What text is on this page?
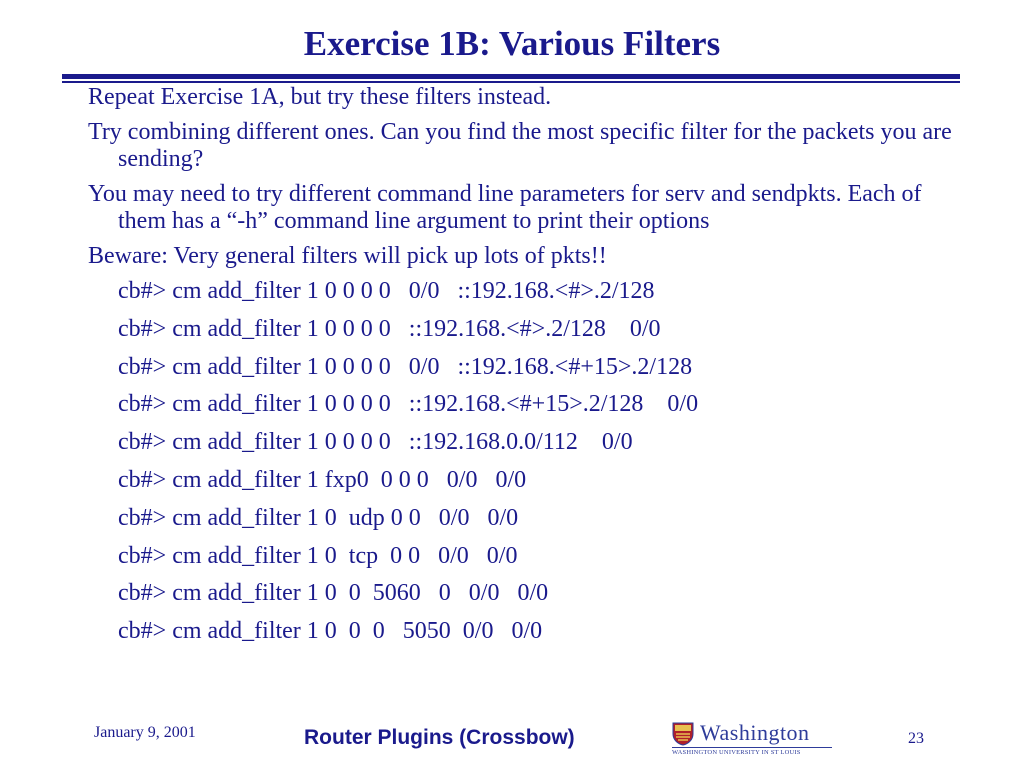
Exercise 1B: Various Filters
Repeat Exercise 1A, but try these filters instead.
Try combining different ones. Can you find the most specific filter for the packets you are sending?
You may need to try different command line parameters for serv and sendpkts. Each of them has a “-h” command line argument to print their options
Beware: Very general filters will pick up lots of pkts!!
cb#> cm add_filter 1 0 0 0 0   0/0   ::192.168.<#>.2/128
cb#> cm add_filter 1 0 0 0 0   ::192.168.<#>.2/128    0/0
cb#> cm add_filter 1 0 0 0 0   0/0   ::192.168.<#+15>.2/128
cb#> cm add_filter 1 0 0 0 0   ::192.168.<#+15>.2/128    0/0
cb#> cm add_filter 1 0 0 0 0   ::192.168.0.0/112    0/0
cb#> cm add_filter 1 fxp0  0 0 0   0/0   0/0
cb#> cm add_filter 1 0  udp 0 0   0/0   0/0
cb#> cm add_filter 1 0  tcp  0 0   0/0   0/0
cb#> cm add_filter 1 0  0  5060   0   0/0   0/0
cb#> cm add_filter 1 0  0  0   5050  0/0   0/0
January 9, 2001	Router Plugins (Crossbow)	Washington
WASHINGTON UNIVERSITY IN ST LOUIS
23
